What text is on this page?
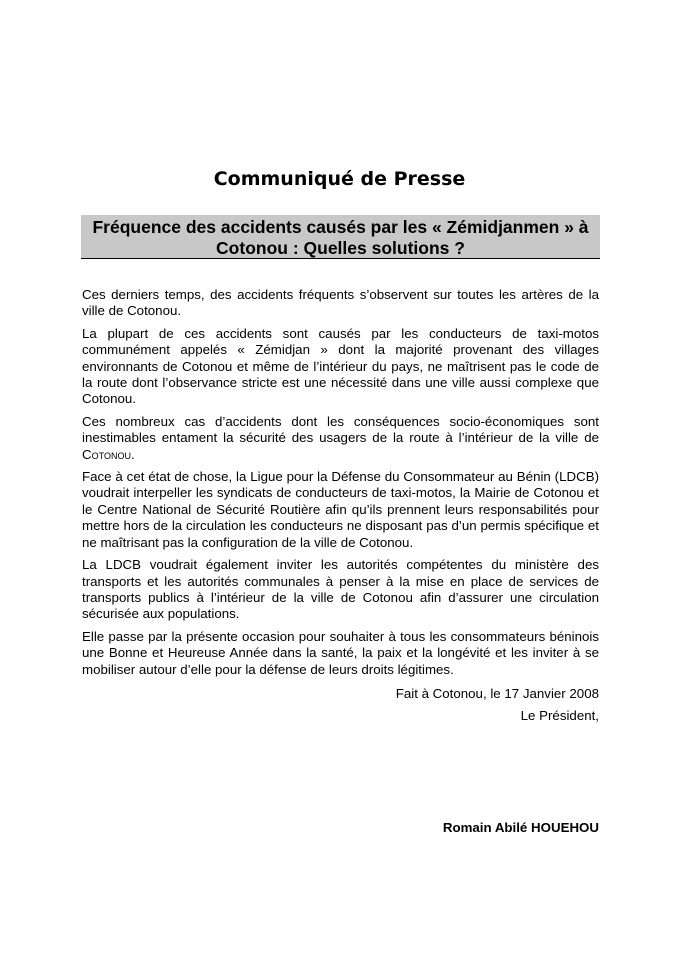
Communiqué de Presse
Fréquence des accidents causés par les « Zémidjanmen » à
Cotonou : Quelles solutions ?

Ces derniers temps, des accidents fréquents s’observent sur toutes les artères de la ville de Cotonou.

La plupart de ces accidents sont causés par les conducteurs de taxi-motos communément appelés « Zémidjan » dont la majorité provenant des villages environnants de Cotonou et même de l’intérieur du pays, ne maîtrisent pas le code de la route dont l’observance stricte est une nécessité dans une ville aussi complexe que Cotonou.

Ces nombreux cas d’accidents dont les conséquences socio-économiques sont inestimables entament la sécurité des usagers de la route à l’intérieur de la ville de Cotonou.

Face à cet état de chose, la Ligue pour la Défense du Consommateur au Bénin (LDCB) voudrait interpeller les syndicats de conducteurs de taxi-motos, la Mairie de Cotonou et le Centre National de Sécurité Routière afin qu’ils prennent leurs responsabilités pour mettre hors de la circulation les conducteurs ne disposant pas d’un permis spécifique et ne maîtrisant pas la configuration de la ville de Cotonou.

La LDCB voudrait également inviter les autorités compétentes du ministère des transports et les autorités communales à penser à la mise en place de services de transports publics à l’intérieur de la ville de Cotonou afin d’assurer une circulation sécurisée aux populations.

Elle passe par la présente occasion pour souhaiter à tous les consommateurs béninois une Bonne et Heureuse Année dans la santé, la paix et la longévité et les inviter à se mobiliser autour d’elle pour la défense de leurs droits légitimes.

Fait à Cotonou, le 17 Janvier 2008
Le Président,
Romain Abilé HOUEHOU
